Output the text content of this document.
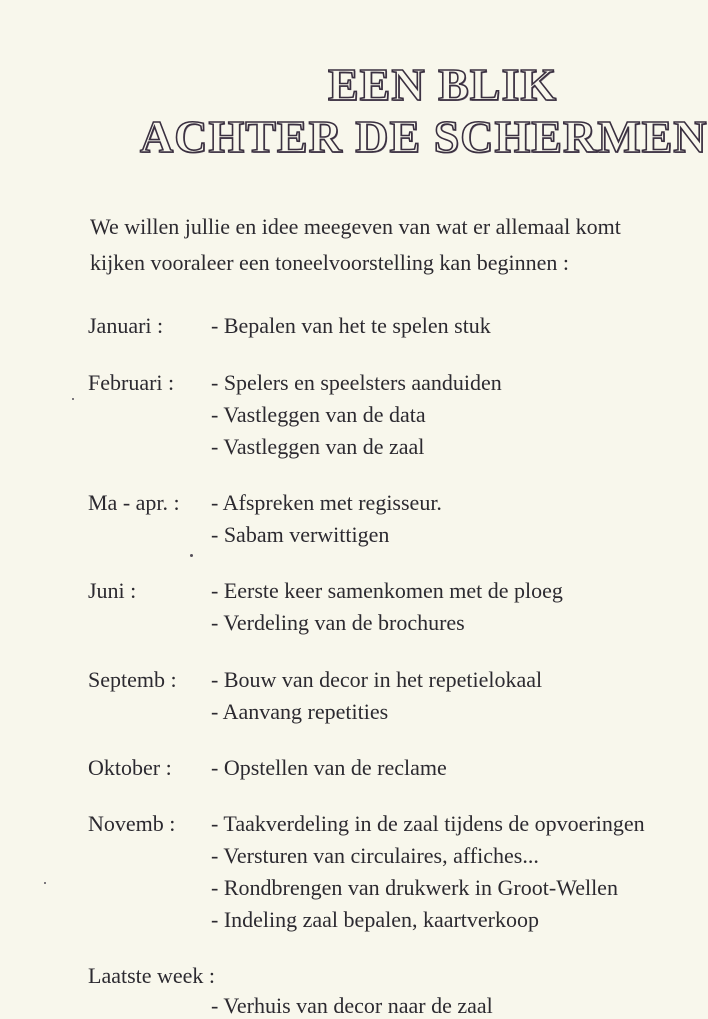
EEN BLIK
ACHTER DE SCHERMEN
We willen jullie en idee meegeven van wat er allemaal komt
kijken vooraleer een toneelvoorstelling kan beginnen :
Januari : - Bepalen van het te spelen stuk
Februari : - Spelers en speelsters aanduiden
- Vastleggen van de data
- Vastleggen van de zaal
Ma - apr. : - Afspreken met regisseur.
- Sabam verwittigen
Juni :	- Eerste keer samenkomen met de ploeg
- Verdeling van de brochures
Septemb : - Bouw van decor in het repetielokaal
- Aanvang repetities
Oktober : - Opstellen van de reclame
Novemb : - Taakverdeling in de zaal tijdens de opvoeringen
- Versturen van circulaires, affiches...
- Rondbrengen van drukwerk in Groot-Wellen
- Indeling zaal bepalen, kaartverkoop
Laatste week :
- Verhuis van decor naar de zaal
